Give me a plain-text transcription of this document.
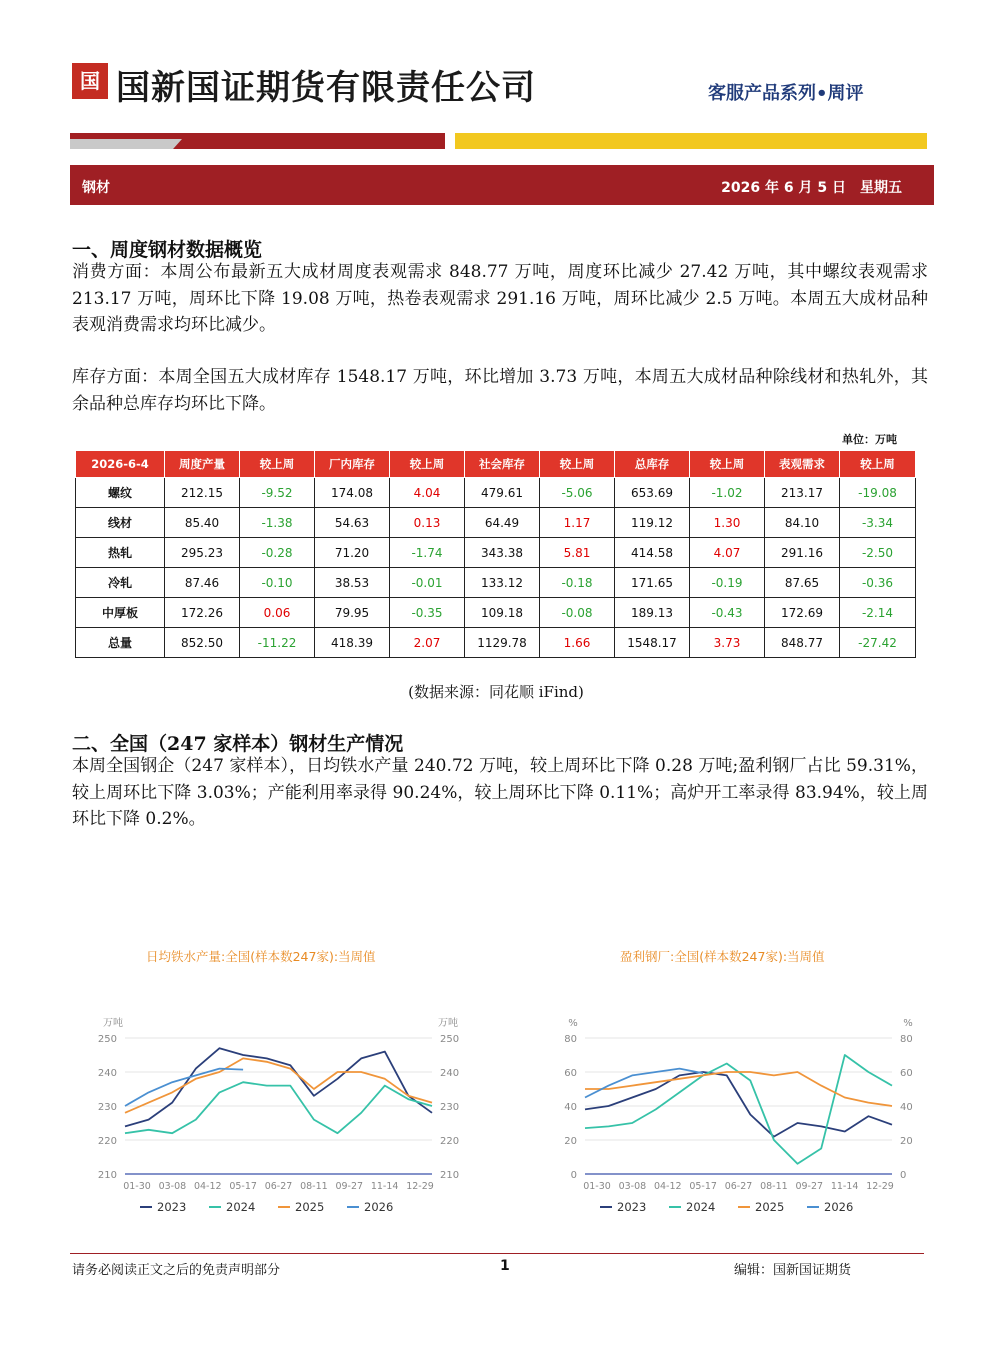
国新
国新国证期货有限责任公司	客服产品系列•周评
钢材	2026 年 6 月 5 日 星期五
一、周度钢材数据概览
消费方面：本周公布最新五大成材周度表观需求 848.77 万吨，周度环比减少 27.42 万吨，其中螺纹表观需求 213.17 万吨，周环比下降 19.08 万吨，热卷表观需求 291.16 万吨，周环比减少 2.5 万吨。本周五大成材品种表观消费需求均环比减少。
库存方面：本周全国五大成材库存 1548.17 万吨，环比增加 3.73 万吨，本周五大成材品种除线材和热轧外，其余品种总库存均环比下降。
单位：万吨
2026-6-4	周度产量	较上周	厂内库存	较上周	社会库存	较上周	总库存	较上周	表观需求	较上周
螺纹	212.15	-9.52	174.08	4.04	479.61	-5.06	653.69	-1.02	213.17	-19.08
线材	85.40	-1.38	54.63	0.13	64.49	1.17	119.12	1.30	84.10	-3.34
热轧	295.23	-0.28	71.20	-1.74	343.38	5.81	414.58	4.07	291.16	-2.50
冷轧	87.46	-0.10	38.53	-0.01	133.12	-0.18	171.65	-0.19	87.65	-0.36
中厚板	172.26	0.06	79.95	-0.35	109.18	-0.08	189.13	-0.43	172.69	-2.14
总量	852.50	-11.22	418.39	2.07	1129.78	1.66	1548.17	3.73	848.77	-27.42
(数据来源：同花顺 iFind)
二、全国（247 家样本）钢材生产情况
本周全国钢企（247 家样本），日均铁水产量 240.72 万吨，较上周环比下降 0.28 万吨;盈利钢厂占比 59.31%，较上周环比下降 3.03%；产能利用率录得 90.24%，较上周环比下降 0.11%；高炉开工率录得 83.94%，较上周环比下降 0.2%。
日均铁水产量:全国(样本数247家):当周值
万吨	万吨
210	210
220	220
230	230
240	240
250	250
01-30 03-08 04-12 05-17 06-27 08-11 09-27 11-14 12-29
2023	2024	2025	2026
盈利钢厂:全国(样本数247家):当周值
%	%
0	0
20	20
40	40
60	60
80	80
01-30 03-08 04-12 05-17 06-27 08-11 09-27 11-14 12-29
2023	2024	2025	2026
请务必阅读正文之后的免责声明部分	1	编辑：国新国证期货
